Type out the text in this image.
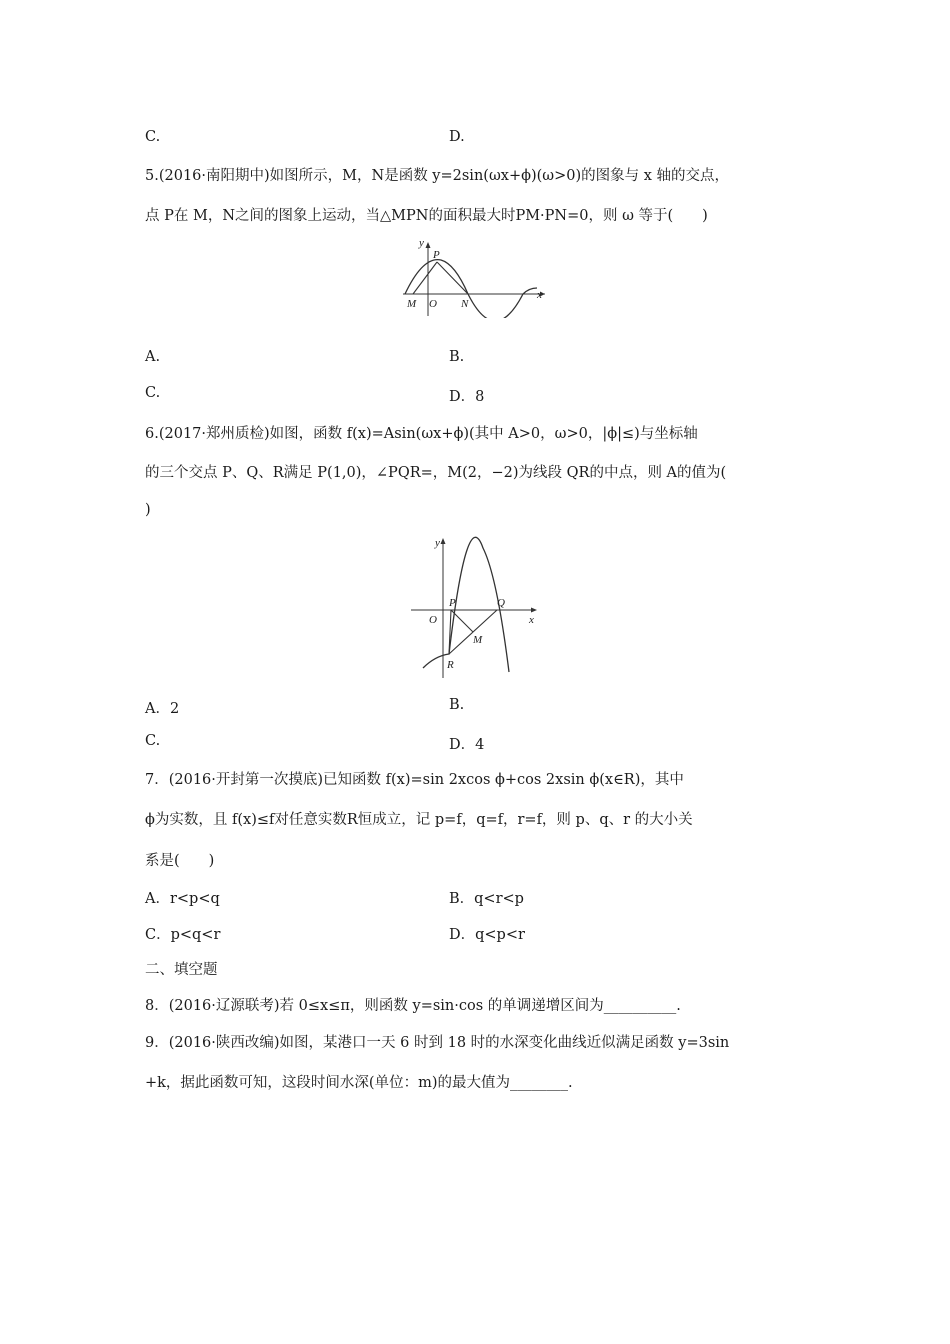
C.	D.
5.(2016·南阳期中)如图所示，M，N是函数 y=2sin(ωx+ϕ)(ω>0)的图象与 x 轴的交点，
点 P在 M，N之间的图象上运动，当△MPN的面积最大时PM·PN=0，则 ω 等于(　　)
y
P
M O N
x
A.	B.
C.	D．8
6.(2017·郑州质检)如图，函数 f(x)=Asin(ωx+ϕ)(其中 A>0，ω>0，|ϕ|≤)与坐标轴
的三个交点 P、Q、R满足 P(1,0)，∠PQR=，M(2，−2)为线段 QR的中点，则 A的值为(
)
y
P	Q
O	x
M
R
A．2	B.
C.	D．4
7．(2016·开封第一次摸底)已知函数 f(x)=sin 2xcos ϕ+cos 2xsin ϕ(x∈R)，其中
ϕ为实数，且 f(x)≤f对任意实数R恒成立，记 p=f，q=f，r=f，则 p、q、r 的大小关
系是(　　)
A．r<p<q	B．q<r<p
C．p<q<r	D．q<p<r
二、填空题
8．(2016·辽源联考)若 0≤x≤π，则函数 y=sin·cos 的单调递增区间为__________.
9．(2016·陕西改编)如图，某港口一天 6 时到 18 时的水深变化曲线近似满足函数 y=3sin
+k，据此函数可知，这段时间水深(单位：m)的最大值为________.
